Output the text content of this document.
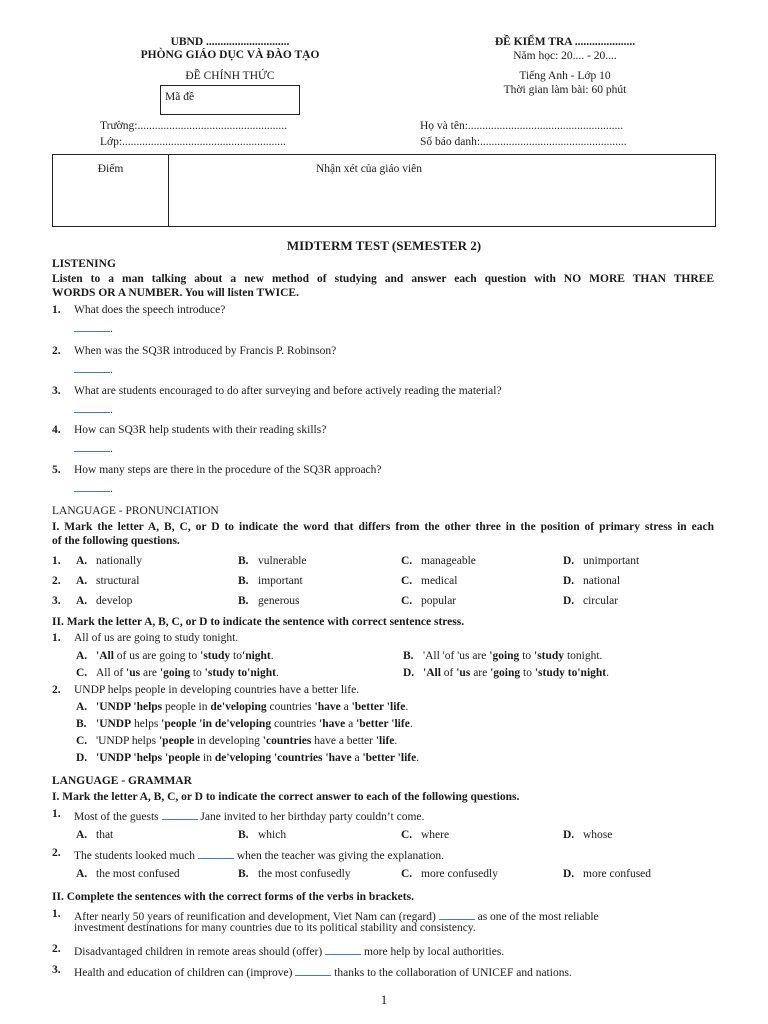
UBND .............................
PHÒNG GIÁO DỤC VÀ ĐÀO TẠO
ĐỀ CHÍNH THỨC
Mã đề
ĐỀ KIỂM TRA .....................
Năm học: 20.... - 20....
Tiếng Anh - Lớp 10
Thời gian làm bài: 60 phút
Trường:....................................................
Lớp:.........................................................
Họ và tên:......................................................
Số báo danh:...................................................
Điểm	Nhận xét của giáo viên
MIDTERM TEST (SEMESTER 2)
LISTENING
Listen to a man talking about a new method of studying and answer each question with NO MORE THAN THREE
WORDS OR A NUMBER. You will listen TWICE.
1. What does the speech introduce?
.
2. When was the SQ3R introduced by Francis P. Robinson?
.
3. What are students encouraged to do after surveying and before actively reading the material?
.
4. How can SQ3R help students with their reading skills?
.
5. How many steps are there in the procedure of the SQ3R approach?
.
LANGUAGE - PRONUNCIATION
I. Mark the letter A, B, C, or D to indicate the word that differs from the other three in the position of primary stress in each
of the following questions.
1. A. nationally	B. vulnerable	C. manageable	D. unimportant
2. A. structural	B. important	C. medical	D. national
3. A. develop	B. generous	C. popular	D. circular
II. Mark the letter A, B, C, or D to indicate the sentence with correct sentence stress.
1. All of us are going to study tonight.
A. 'All of us are going to 'study to'night.	B. 'All 'of 'us are 'going to 'study tonight.
C. All of 'us are 'going to 'study to'night.	D. 'All of 'us are 'going to 'study to'night.
2. UNDP helps people in developing countries have a better life.
A. 'UNDP 'helps people in de'veloping countries 'have a 'better 'life.
B. 'UNDP helps 'people 'in de'veloping countries 'have a 'better 'life.
C. 'UNDP helps 'people in developing 'countries have a better 'life.
D. 'UNDP 'helps 'people in de'veloping 'countries 'have a 'better 'life.
LANGUAGE - GRAMMAR
I. Mark the letter A, B, C, or D to indicate the correct answer to each of the following questions.
1. Most of the guests	Jane invited to her birthday party couldn’t come.
A. that	B. which	C. where	D. whose
2. The students looked much	when the teacher was giving the explanation.
A. the most confused	B. the most confusedly	C. more confusedly	D. more confused
II. Complete the sentences with the correct forms of the verbs in brackets.
1. After nearly 50 years of reunification and development, Viet Nam can (regard)	as one of the most reliable
investment destinations for many countries due to its political stability and consistency.
2. Disadvantaged children in remote areas should (offer)	more help by local authorities.
3. Health and education of children can (improve)	thanks to the collaboration of UNICEF and nations.
1
